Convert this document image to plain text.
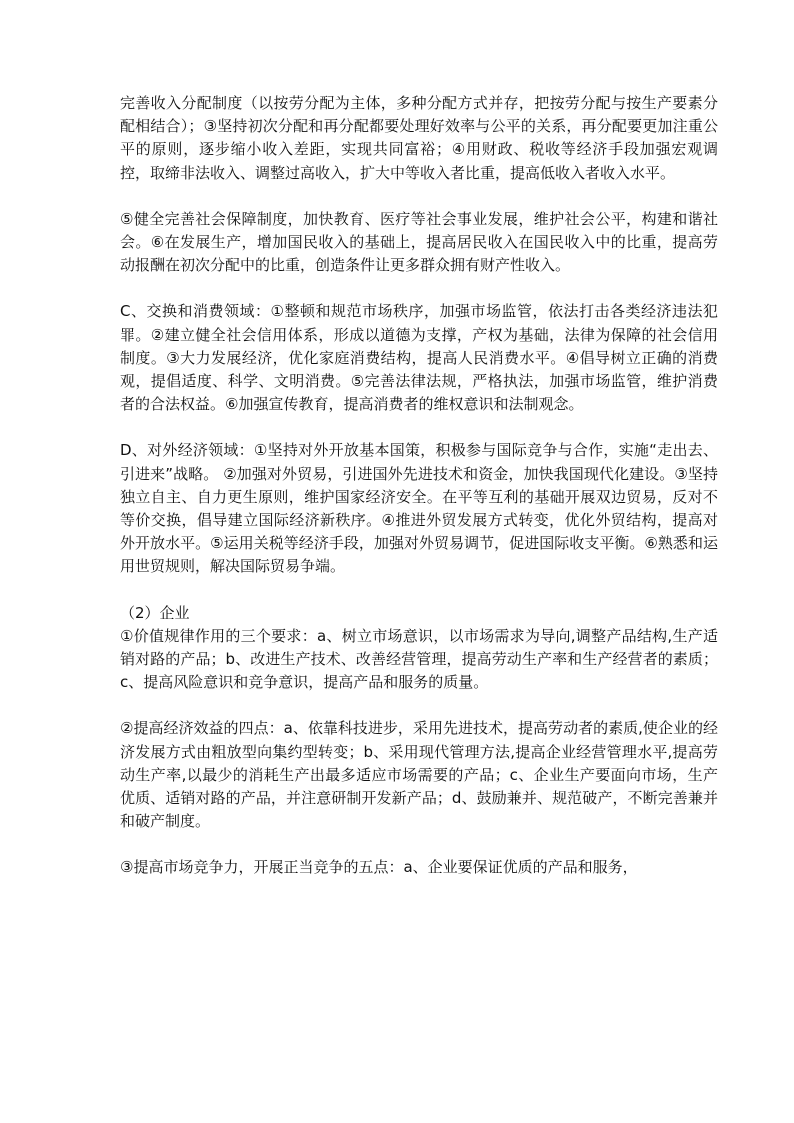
完善收入分配制度（以按劳分配为主体，多种分配方式并存，把按劳分配与按生产要素分配相结合）；③坚持初次分配和再分配都要处理好效率与公平的关系，再分配要更加注重公平的原则，逐步缩小收入差距，实现共同富裕；④用财政、税收等经济手段加强宏观调控，取缔非法收入、调整过高收入，扩大中等收入者比重，提高低收入者收入水平。

⑤健全完善社会保障制度，加快教育、医疗等社会事业发展，维护社会公平，构建和谐社会。⑥在发展生产，增加国民收入的基础上，提高居民收入在国民收入中的比重，提高劳动报酬在初次分配中的比重，创造条件让更多群众拥有财产性收入。

C、交换和消费领域：①整顿和规范市场秩序，加强市场监管，依法打击各类经济违法犯罪。②建立健全社会信用体系，形成以道德为支撑，产权为基础，法律为保障的社会信用制度。③大力发展经济，优化家庭消费结构，提高人民消费水平。④倡导树立正确的消费观，提倡适度、科学、文明消费。⑤完善法律法规，严格执法，加强市场监管，维护消费者的合法权益。⑥加强宣传教育，提高消费者的维权意识和法制观念。

D、对外经济领域：①坚持对外开放基本国策，积极参与国际竞争与合作，实施“走出去、引进来”战略。 ②加强对外贸易，引进国外先进技术和资金，加快我国现代化建设。③坚持独立自主、自力更生原则，维护国家经济安全。在平等互利的基础开展双边贸易，反对不等价交换，倡导建立国际经济新秩序。④推进外贸发展方式转变，优化外贸结构，提高对外开放水平。⑤运用关税等经济手段，加强对外贸易调节，促进国际收支平衡。⑥熟悉和运用世贸规则，解决国际贸易争端。

（2）企业

①价值规律作用的三个要求：a、树立市场意识，以市场需求为导向,调整产品结构,生产适销对路的产品；b、改进生产技术、改善经营管理，提高劳动生产率和生产经营者的素质；c、提高风险意识和竞争意识，提高产品和服务的质量。

②提高经济效益的四点：a、依靠科技进步，采用先进技术，提高劳动者的素质,使企业的经济发展方式由粗放型向集约型转变；b、采用现代管理方法,提高企业经营管理水平,提高劳动生产率,以最少的消耗生产出最多适应市场需要的产品；c、企业生产要面向市场，生产优质、适销对路的产品，并注意研制开发新产品；d、鼓励兼并、规范破产，不断完善兼并和破产制度。

③提高市场竞争力，开展正当竞争的五点：a、企业要保证优质的产品和服务，
